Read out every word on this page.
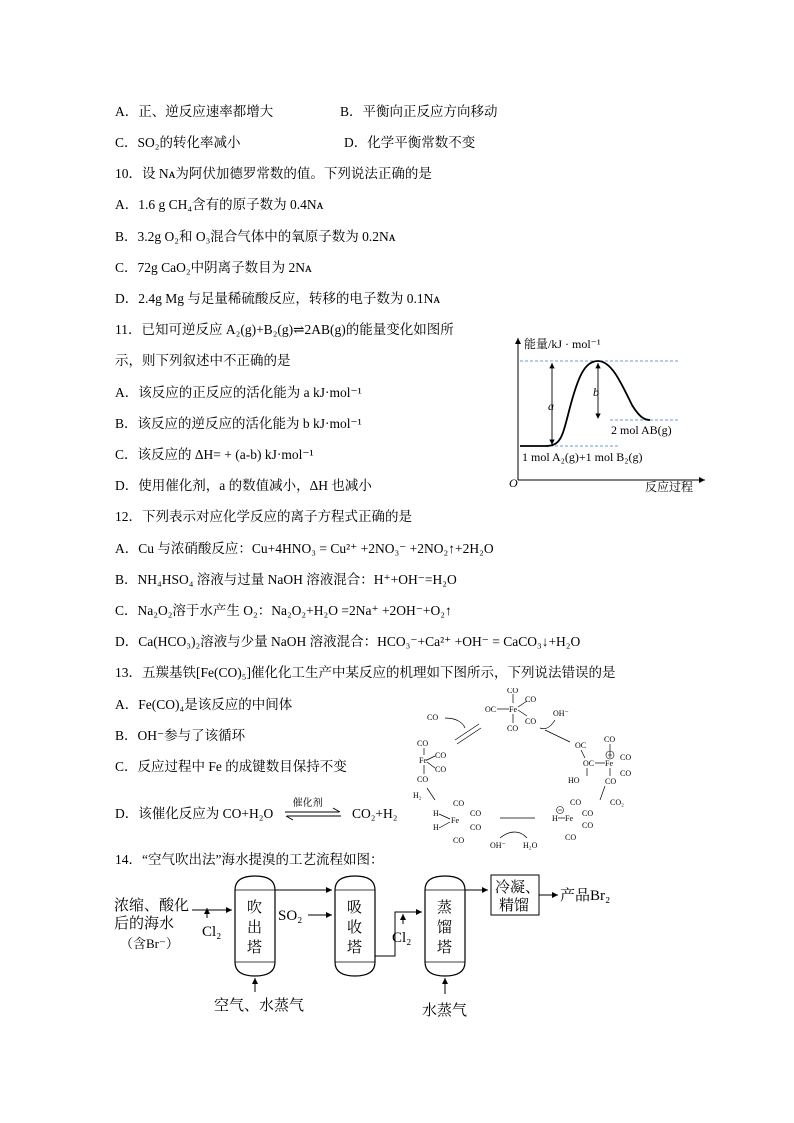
A．正、逆反应速率都增大	B．平衡向正反应方向移动
C．SO₂的转化率减小	D．化学平衡常数不变
10．设 Nᴀ为阿伏加德罗常数的值。下列说法正确的是
A．1.6 g CH₄含有的原子数为 0.4Nᴀ
B．3.2g O₂和 O₃混合气体中的氧原子数为 0.2Nᴀ
C．72g CaO₂中阴离子数目为 2Nᴀ
D．2.4g Mg 与足量稀硫酸反应，转移的电子数为 0.1Nᴀ
11．已知可逆反应 A₂(g)+B₂(g)⇌2AB(g)的能量变化如图所
示，则下列叙述中不正确的是
A．该反应的正反应的活化能为 a kJ·mol⁻¹
B．该反应的逆反应的活化能为 b kJ·mol⁻¹
C．该反应的 ΔH= + (a-b) kJ·mol⁻¹
D．使用催化剂，a 的数值减小，ΔH 也减小
能量/kJ · mol⁻¹
反应过程
O
a
b
2 mol AB(g)
1 mol A₂(g)+1 mol B₂(g)
12．下列表示对应化学反应的离子方程式正确的是
A．Cu 与浓硝酸反应：Cu+4HNO₃ = Cu²⁺ +2NO₃⁻ +2NO₂↑+2H₂O
B．NH₄HSO₄ 溶液与过量 NaOH 溶液混合：H⁺+OH⁻=H₂O
C．Na₂O₂溶于水产生 O₂：Na₂O₂+H₂O =2Na⁺ +2OH⁻+O₂↑
D．Ca(HCO₃)₂溶液与少量 NaOH 溶液混合：HCO₃⁻+Ca²⁺ +OH⁻ = CaCO₃↓+H₂O
13．五羰基铁[Fe(CO)₅]催化化工生产中某反应的机理如下图所示，下列说法错误的是
A．Fe(CO)₄是该反应的中间体
B．OH⁻参与了该循环
C．反应过程中 Fe 的成键数目保持不变
D．该催化反应为 CO+H₂O
催化剂
CO₂+H₂
OC Fe
CO
CO
CO
CO
OH⁻
CO
Fe
CO
CO
CO
CO
OC
OC Fe
CO
CO
CO
CO
HO
CO₂
H Fe
CO
CO
CO
CO
CO
H
H
Fe
CO
CO
CO
H₂
OH⁻ H₂O
14．“空气吹出法”海水提溴的工艺流程如图：
浓缩、酸化
后的海水
（含Br⁻）
Cl₂
吹
出
塔
空气、水蒸气
SO₂	吸
收
塔
Cl₂
蒸
馏
塔
水蒸气
冷凝、
精馏
产品Br₂
